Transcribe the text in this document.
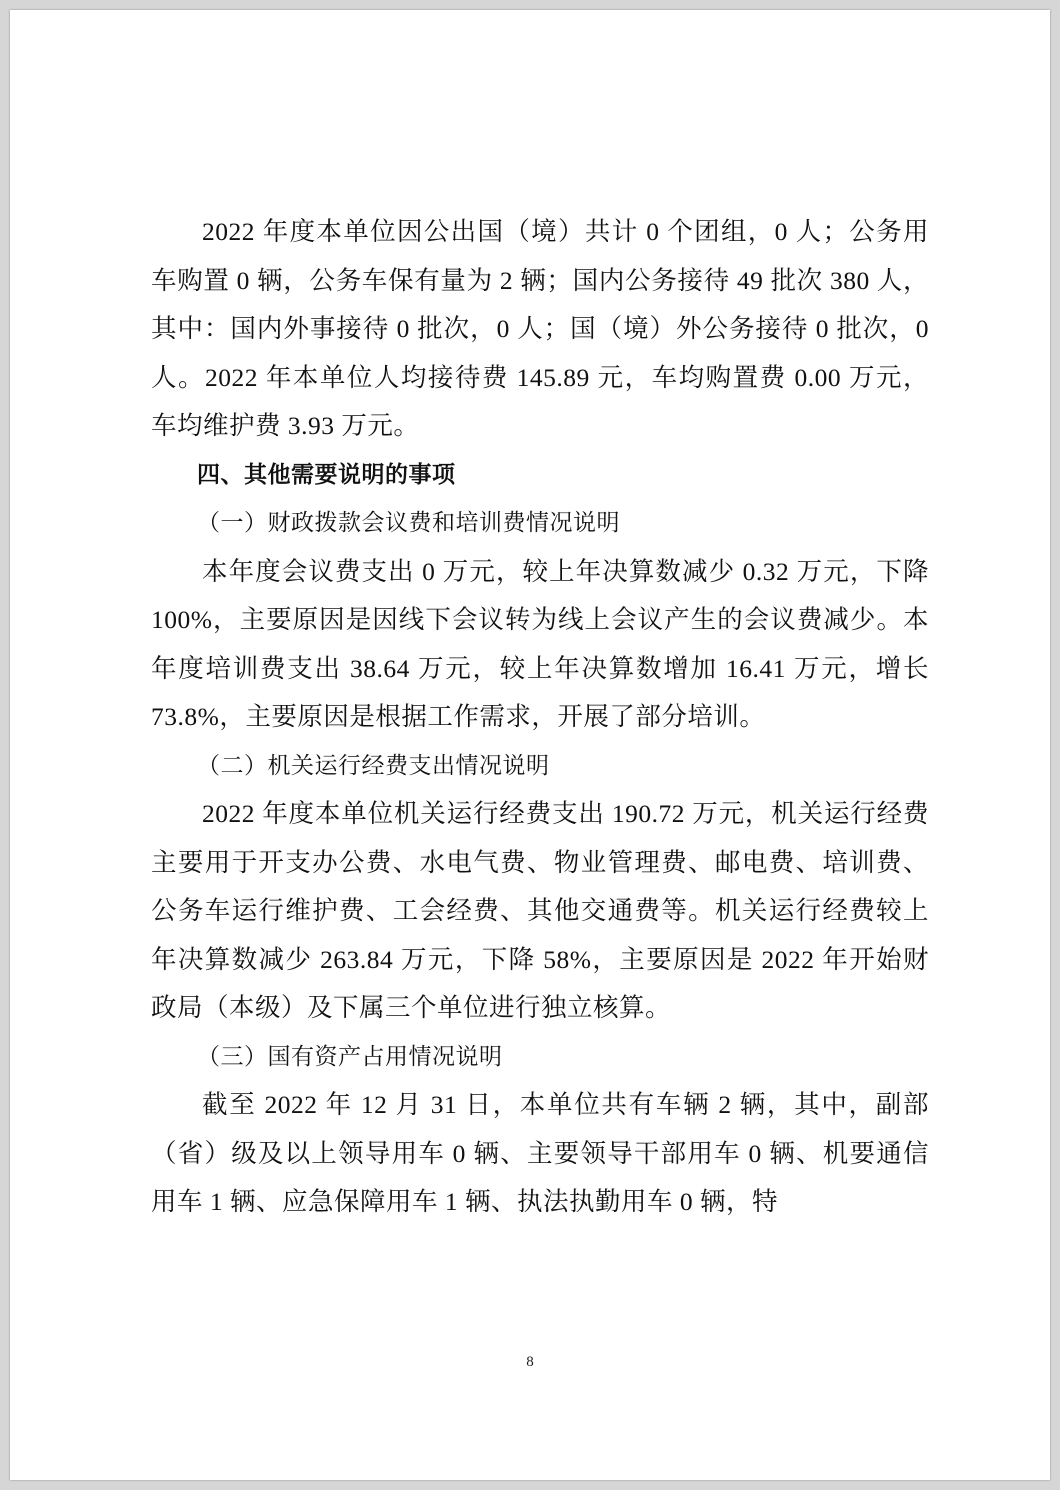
2022 年度本单位因公出国（境）共计 0 个团组，0 人；公务用车购置 0 辆，公务车保有量为 2 辆；国内公务接待 49 批次 380 人，其中：国内外事接待 0 批次，0 人；国（境）外公务接待 0 批次，0 人。2022 年本单位人均接待费 145.89 元，车均购置费 0.00 万元，车均维护费 3.93 万元。

四、其他需要说明的事项

（一）财政拨款会议费和培训费情况说明

本年度会议费支出 0 万元，较上年决算数减少 0.32 万元，下降 100%，主要原因是因线下会议转为线上会议产生的会议费减少。本年度培训费支出 38.64 万元，较上年决算数增加 16.41 万元，增长 73.8%，主要原因是根据工作需求，开展了部分培训。

（二）机关运行经费支出情况说明

2022 年度本单位机关运行经费支出 190.72 万元，机关运行经费主要用于开支办公费、水电气费、物业管理费、邮电费、培训费、公务车运行维护费、工会经费、其他交通费等。机关运行经费较上年决算数减少 263.84 万元，下降 58%，主要原因是 2022 年开始财政局（本级）及下属三个单位进行独立核算。

（三）国有资产占用情况说明

截至 2022 年 12 月 31 日，本单位共有车辆 2 辆，其中，副部（省）级及以上领导用车 0 辆、主要领导干部用车 0 辆、机要通信用车 1 辆、应急保障用车 1 辆、执法执勤用车 0 辆，特

8
